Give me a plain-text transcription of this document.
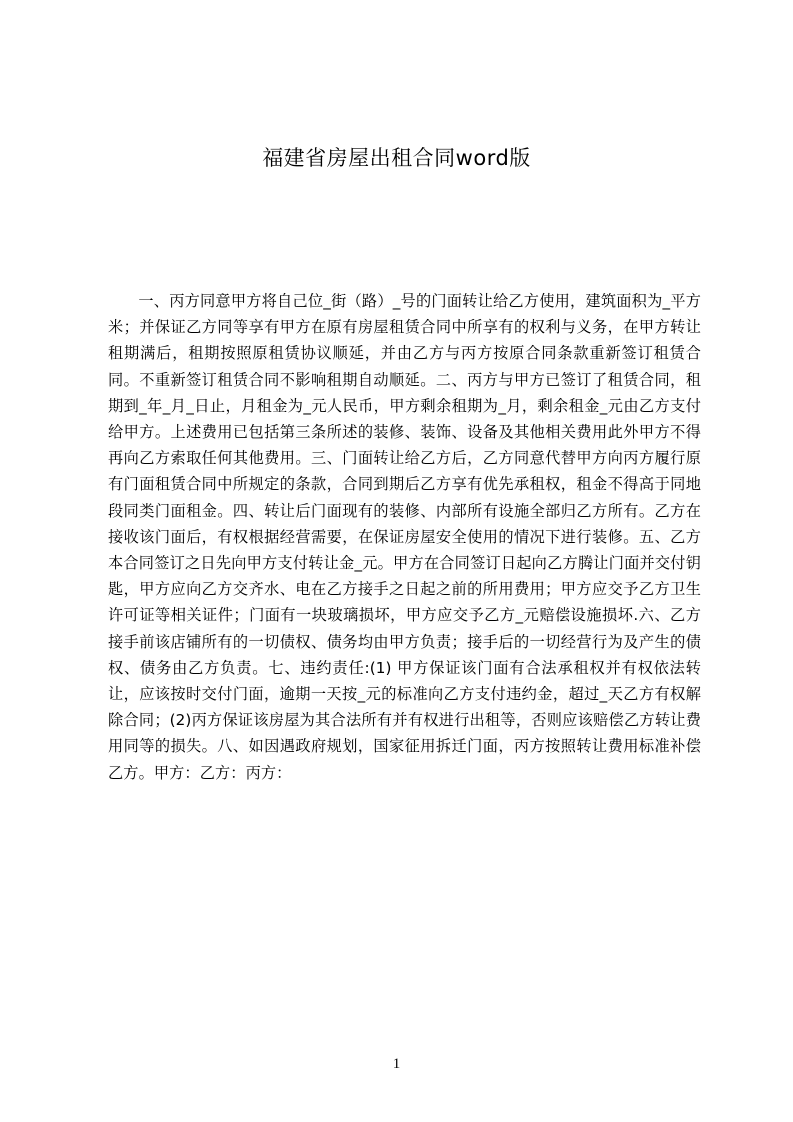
福建省房屋出租合同word版

一、丙方同意甲方将自己位_街（路）_号的门面转让给乙方使用，建筑面积为_平方米；并保证乙方同等享有甲方在原有房屋租赁合同中所享有的权利与义务，在甲方转让租期满后，租期按照原租赁协议顺延，并由乙方与丙方按原合同条款重新签订租赁合同。不重新签订租赁合同不影响租期自动顺延。二、丙方与甲方已签订了租赁合同，租期到_年_月_日止，月租金为_元人民币，甲方剩余租期为_月，剩余租金_元由乙方支付给甲方。上述费用已包括第三条所述的装修、装饰、设备及其他相关费用此外甲方不得再向乙方索取任何其他费用。三、门面转让给乙方后，乙方同意代替甲方向丙方履行原有门面租赁合同中所规定的条款，合同到期后乙方享有优先承租权，租金不得高于同地段同类门面租金。四、转让后门面现有的装修、内部所有设施全部归乙方所有。乙方在接收该门面后，有权根据经营需要，在保证房屋安全使用的情况下进行装修。五、乙方 本合同签订之日先向甲方支付转让金_元。甲方在合同签订日起向乙方腾让门面并交付钥匙，甲方应向乙方交齐水、电在乙方接手之日起之前的所用费用；甲方应交予乙方卫生许可证等相关证件；门面有一块玻璃损坏，甲方应交予乙方_元赔偿设施损坏.六、乙方接手前该店铺所有的一切债权、债务均由甲方负责；接手后的一切经营行为及产生的债权、债务由乙方负责。七、违约责任:(1) 甲方保证该门面有合法承租权并有权依法转让，应该按时交付门面，逾期一天按_元的标准向乙方支付违约金，超过_天乙方有权解除合同；(2)丙方保证该房屋为其合法所有并有权进行出租等，否则应该赔偿乙方转让费用同等的损失。八、如因遇政府规划，国家征用拆迁门面，丙方按照转让费用标准补偿乙方。甲方：乙方：丙方：

1
